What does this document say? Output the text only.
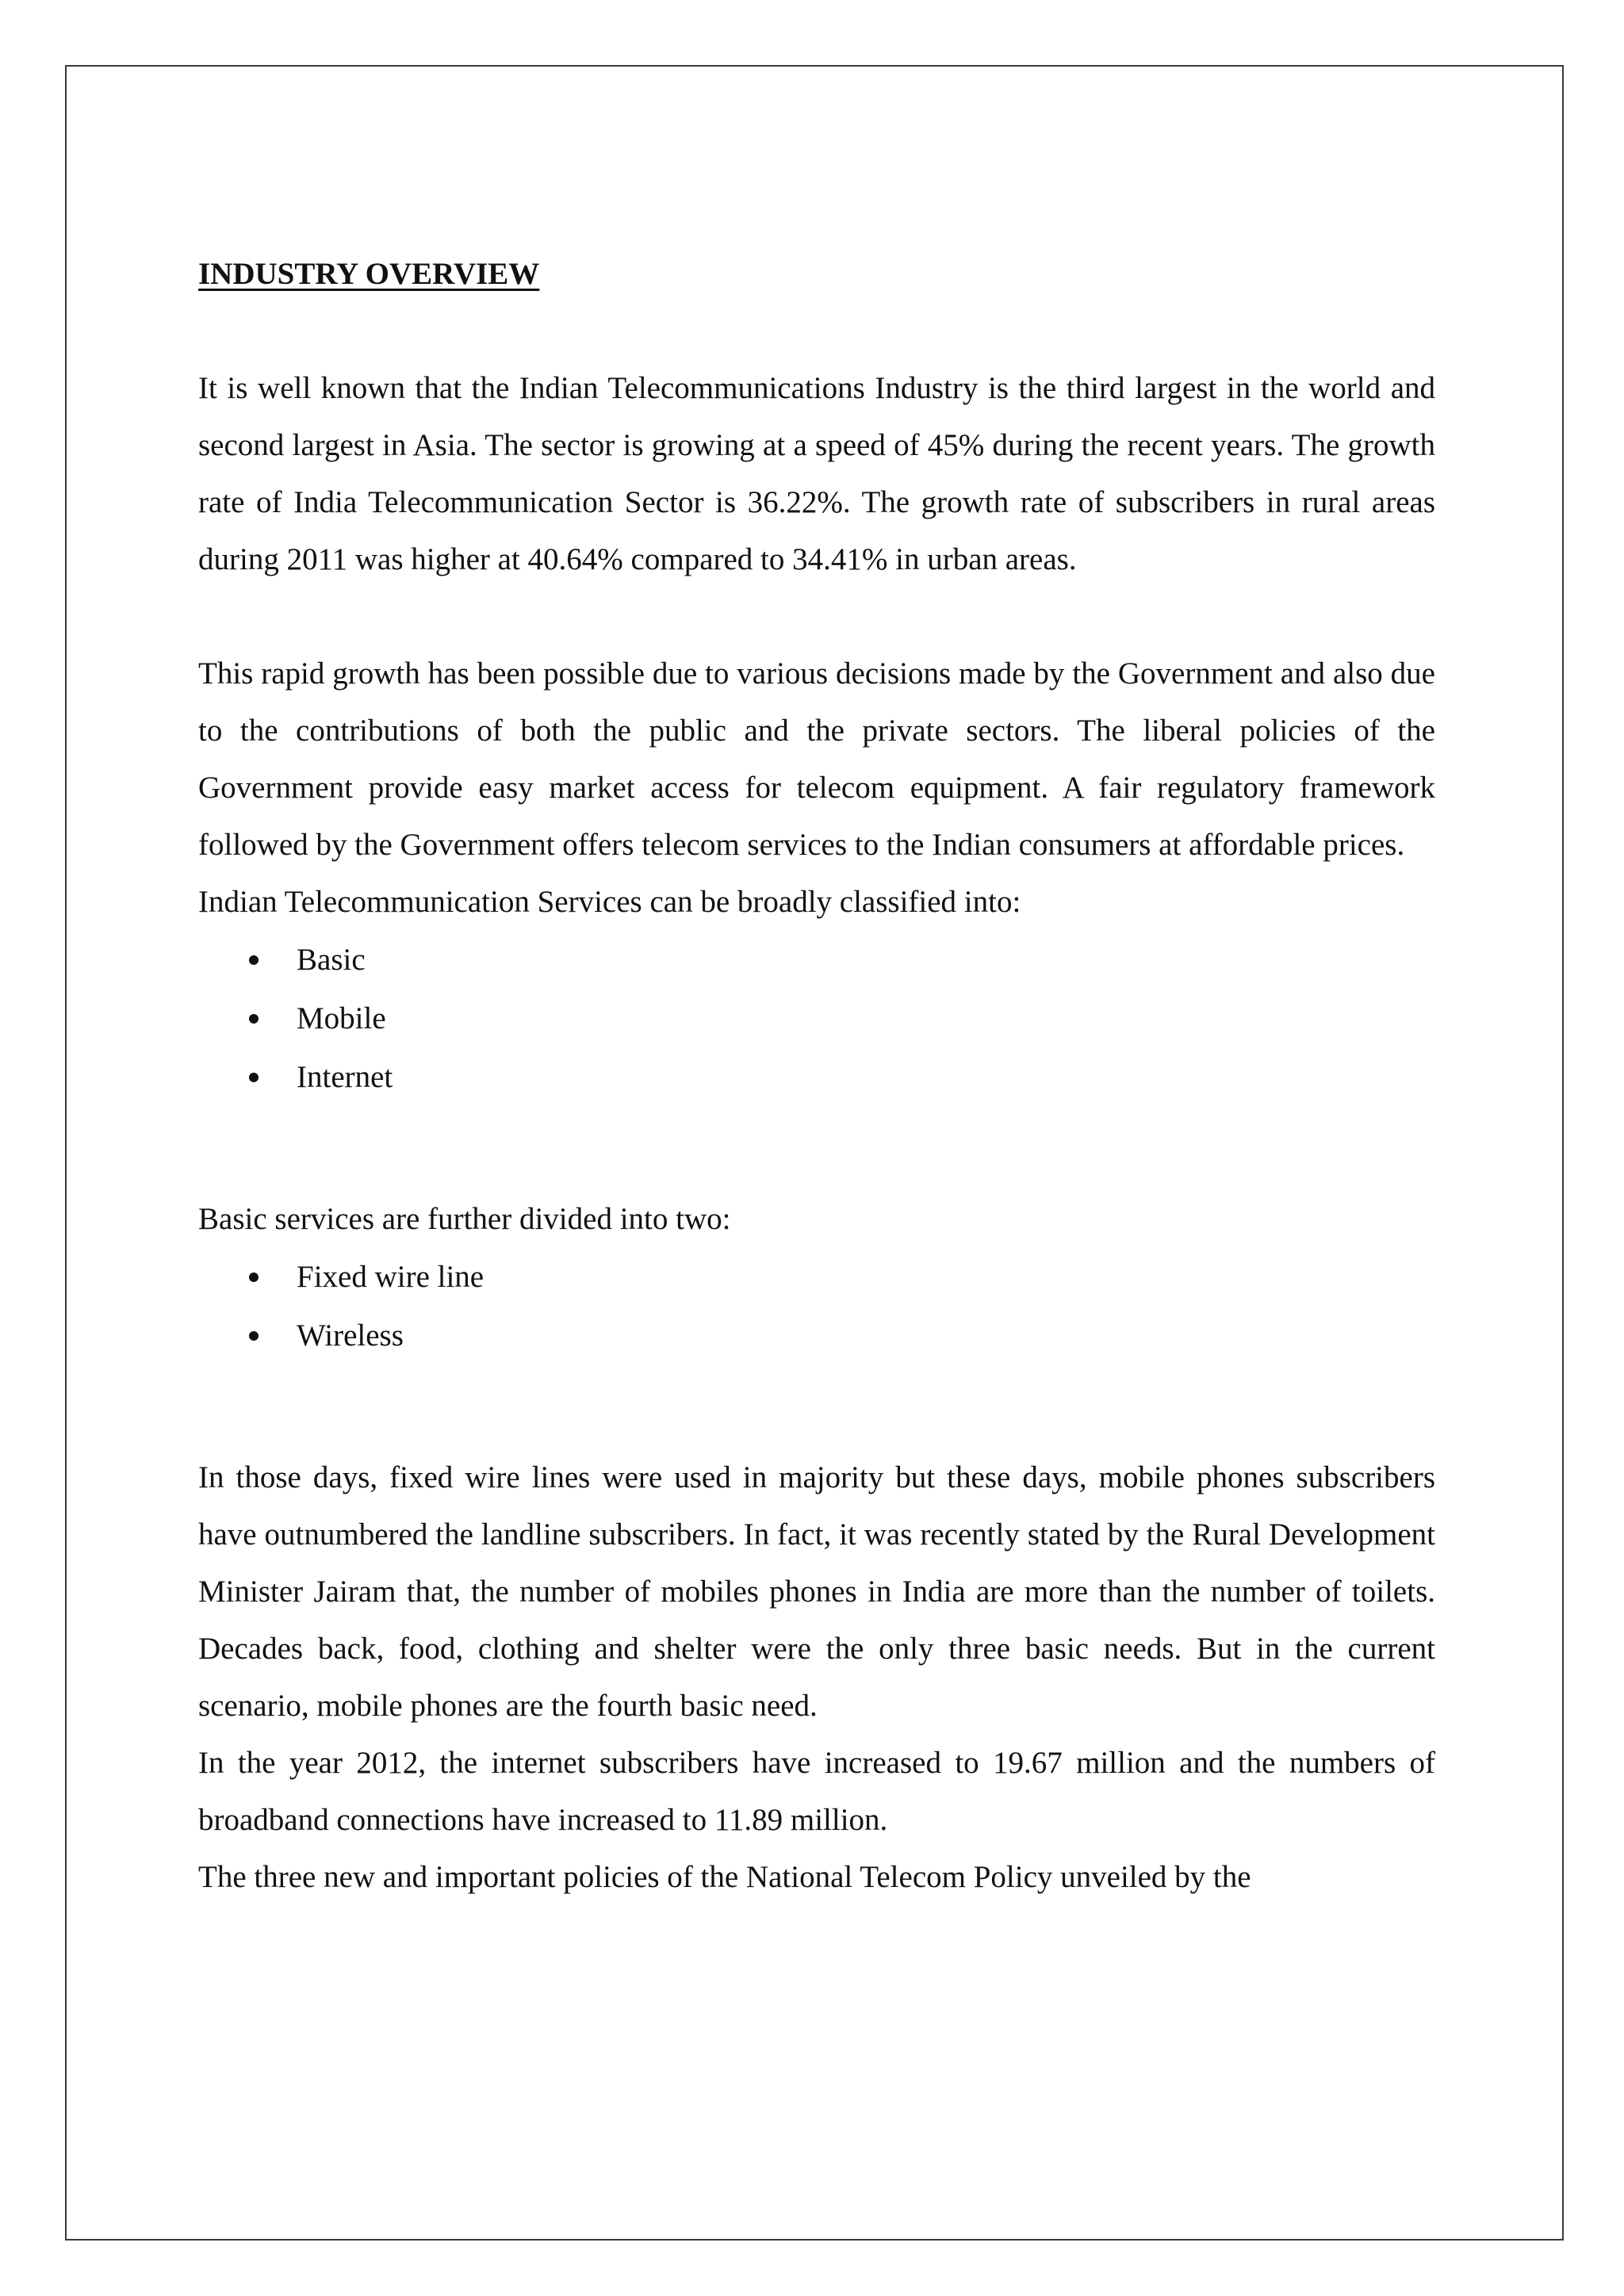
INDUSTRY OVERVIEW

It is well known that the Indian Telecommunications Industry is the third largest in the world and second largest in Asia. The sector is growing at a speed of 45% during the recent years. The growth rate of India Telecommunication Sector is 36.22%. The growth rate of subscribers in rural areas during 2011 was higher at 40.64% compared to 34.41% in urban areas.

This rapid growth has been possible due to various decisions made by the Government and also due to the contributions of both the public and the private sectors. The liberal policies of the Government provide easy market access for telecom equipment. A fair regulatory framework followed by the Government offers telecom services to the Indian consumers at affordable prices.

Indian Telecommunication Services can be broadly classified into:

Basic
Mobile
Internet

Basic services are further divided into two:

Fixed wire line
Wireless

In those days, fixed wire lines were used in majority but these days, mobile phones subscribers have outnumbered the landline subscribers. In fact, it was recently stated by the Rural Development Minister Jairam that, the number of mobiles phones in India are more than the number of toilets. Decades back, food, clothing and shelter were the only three basic needs. But in the current scenario, mobile phones are the fourth basic need.

In the year 2012, the internet subscribers have increased to 19.67 million and the numbers of broadband connections have increased to 11.89 million.

The three new and important policies of the National Telecom Policy unveiled by the
